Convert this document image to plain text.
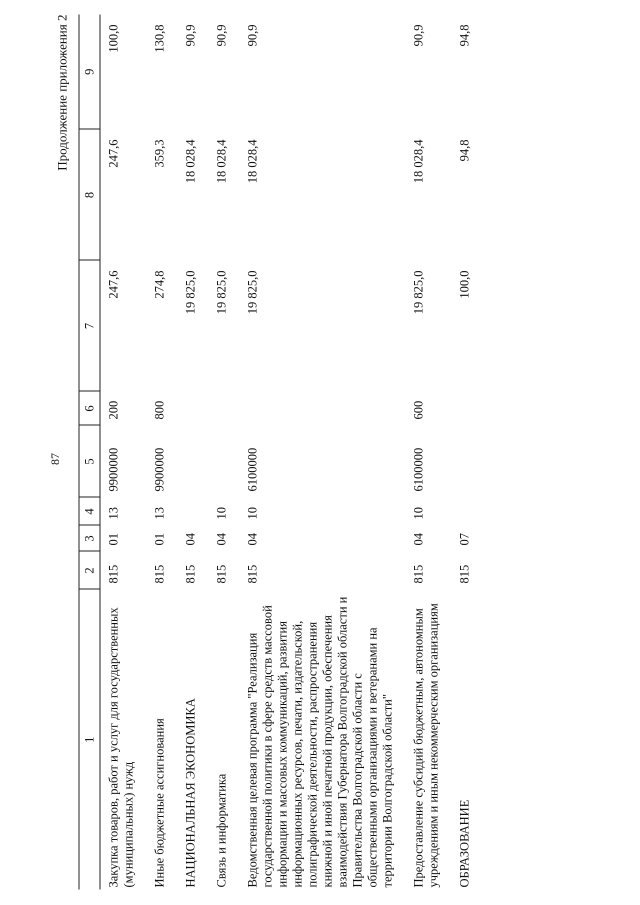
87
Продолжение приложения 2
1	2	3	4	5	6	7	8	9
Закупка товаров, работ и услуг для государственных (муниципальных) нужд	815	01	13	9900000	200	247,6	247,6	100,0
Иные бюджетные ассигнования	815	01	13	9900000	800	274,8	359,3	130,8
НАЦИОНАЛЬНАЯ ЭКОНОМИКА	815	04				19 825,0	18 028,4	90,9
Связь и информатика	815	04	10			19 825,0	18 028,4	90,9
Ведомственная целевая программа "Реализация государственной политики в сфере средств массовой информации и массовых коммуникаций, развития информационных ресурсов, печати, издательской, полиграфической деятельности, распространения книжной и иной печатной продукции, обеспечения взаимодействия Губернатора Волгоградской области и Правительства Волгоградской области с общественными организациями и ветеранами на территории Волгоградской области"	815	04	10	6100000		19 825,0	18 028,4	90,9
Предоставление субсидий бюджетным, автономным учреждениям и иным некоммерческим организациям	815	04	10	6100000	600	19 825,0	18 028,4	90,9
ОБРАЗОВАНИЕ	815	07				100,0	94,8	94,8
